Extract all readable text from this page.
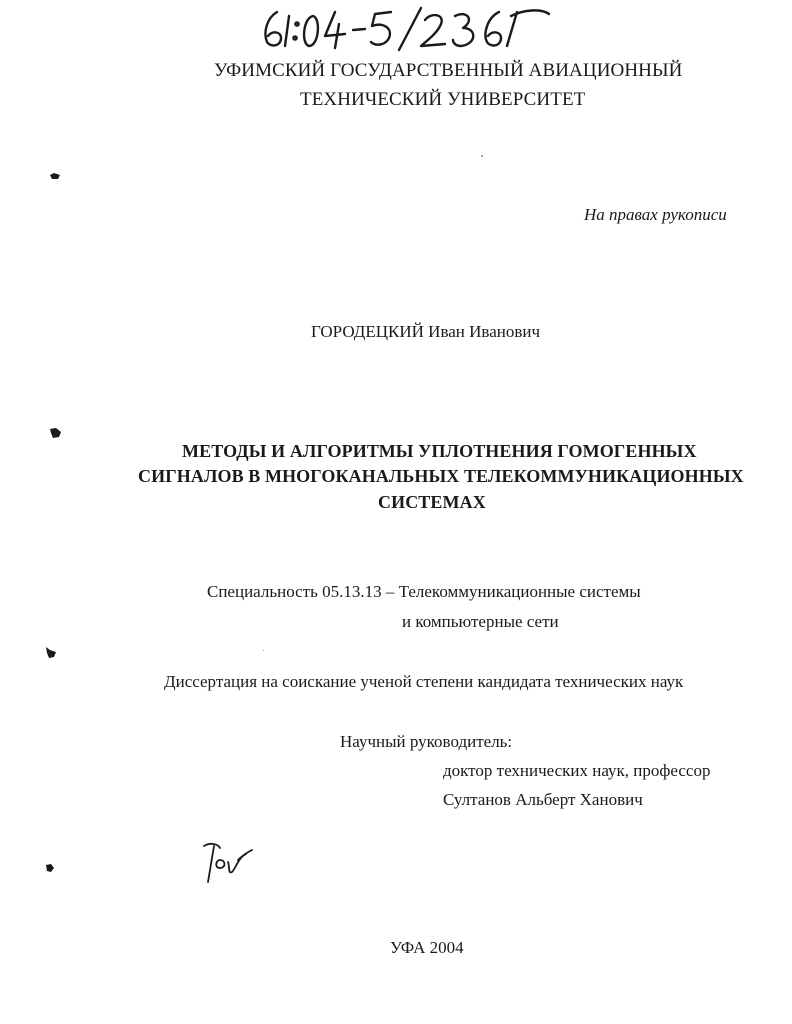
УФИМСКИЙ ГОСУДАРСТВЕННЫЙ АВИАЦИОННЫЙ
ТЕХНИЧЕСКИЙ УНИВЕРСИТЕТ
На правах рукописи
ГОРОДЕЦКИЙ Иван Иванович
МЕТОДЫ И АЛГОРИТМЫ УПЛОТНЕНИЯ ГОМОГЕННЫХ
СИГНАЛОВ В МНОГОКАНАЛЬНЫХ ТЕЛЕКОММУНИКАЦИОННЫХ
СИСТЕМАХ
Специальность 05.13.13 – Телекоммуникационные системы
и компьютерные сети
Диссертация на соискание ученой степени кандидата технических наук
Научный руководитель:
доктор технических наук, профессор
Султанов Альберт Ханович
УФА 2004
